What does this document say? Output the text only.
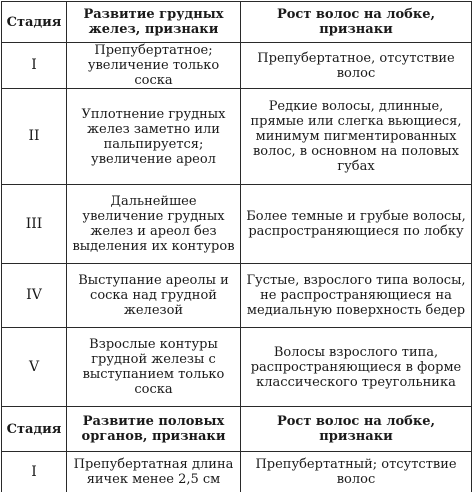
Стадия	Развитие грудных желез, признаки	Рост волос на лобке, признаки
I	Препубертатное; увеличение только соска	Препубертатное, отсутствие волос
II	Уплотнение грудных желез заметно или пальпируется; увеличение ареол	Редкие волосы, длинные, прямые или слегка вьющиеся, минимум пигментированных волос, в основном на половых губах
III	Дальнейшее увеличение грудных желез и ареол без выделения их контуров	Более темные и грубые волосы, распространяющиеся по лобку
IV	Выступание ареолы и соска над грудной железой	Густые, взрослого типа волосы, не распространяющиеся на медиальную поверхность бедер
V	Взрослые контуры грудной железы с выступанием только соска	Волосы взрослого типа, распространяющиеся в форме классического треугольника
Стадия	Развитие половых органов, признаки	Рост волос на лобке, признаки
I	Препубертатная длина яичек менее 2,5 см	Препубертатный; отсутствие волос
